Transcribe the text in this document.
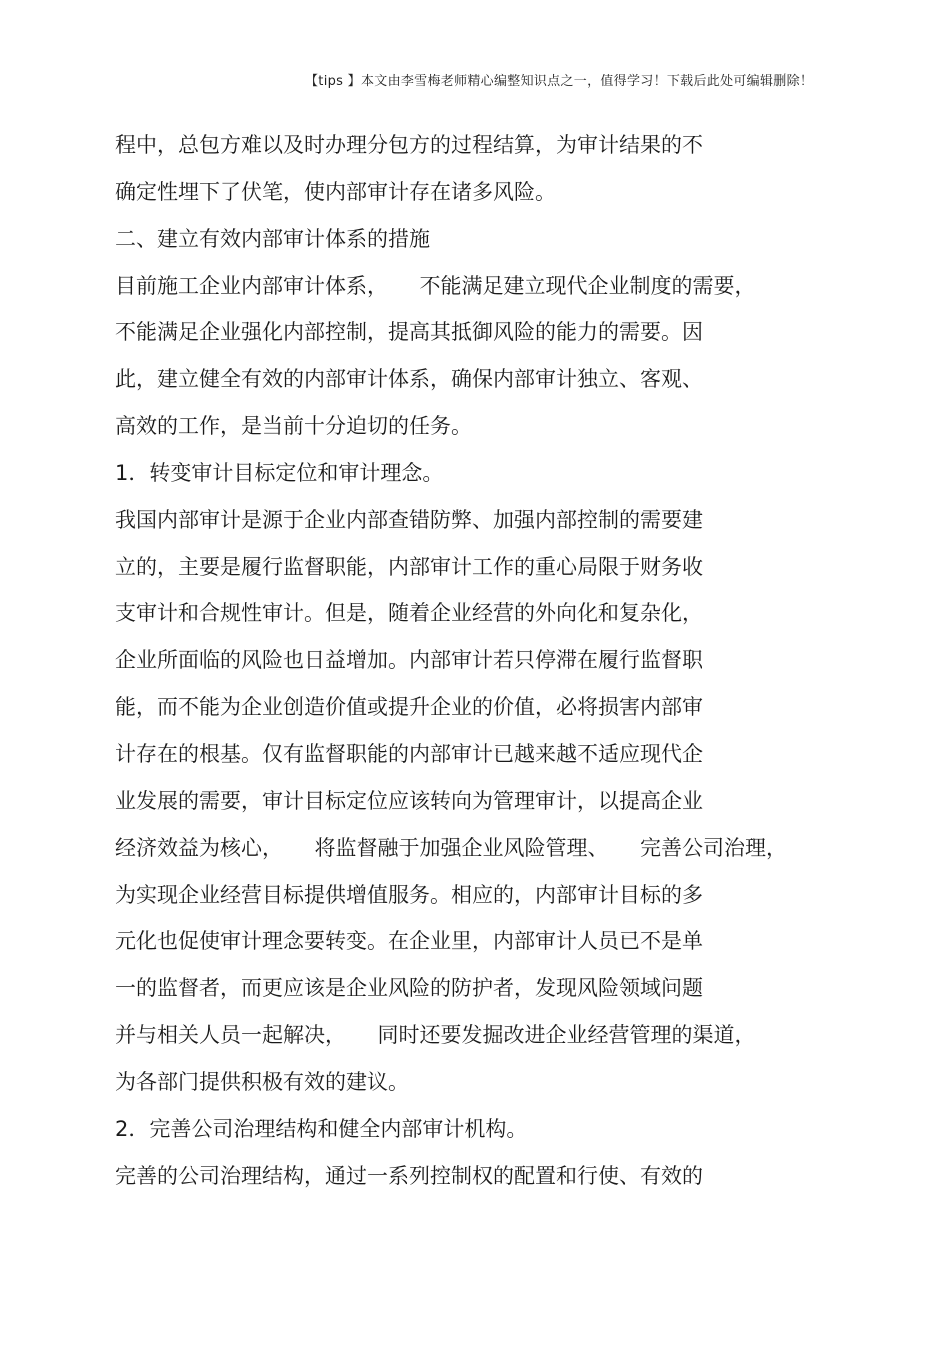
【tips 】本文由李雪梅老师精心编整知识点之一，值得学习！下载后此处可编辑删除！
程中，总包方难以及时办理分包方的过程结算，为审计结果的不
确定性埋下了伏笔，使内部审计存在诸多风险。
二、建立有效内部审计体系的措施
目前施工企业内部审计体系，　　不能满足建立现代企业制度的需要，
不能满足企业强化内部控制，提高其抵御风险的能力的需要。因
此，建立健全有效的内部审计体系，确保内部审计独立、客观、
高效的工作，是当前十分迫切的任务。
1．转变审计目标定位和审计理念。
我国内部审计是源于企业内部查错防弊、加强内部控制的需要建
立的，主要是履行监督职能，内部审计工作的重心局限于财务收
支审计和合规性审计。但是，随着企业经营的外向化和复杂化，
企业所面临的风险也日益增加。内部审计若只停滞在履行监督职
能，而不能为企业创造价值或提升企业的价值，必将损害内部审
计存在的根基。仅有监督职能的内部审计已越来越不适应现代企
业发展的需要，审计目标定位应该转向为管理审计，以提高企业
经济效益为核心，　　将监督融于加强企业风险管理、　　完善公司治理，
为实现企业经营目标提供增值服务。相应的，内部审计目标的多
元化也促使审计理念要转变。在企业里，内部审计人员已不是单
一的监督者，而更应该是企业风险的防护者，发现风险领域问题
并与相关人员一起解决，　　同时还要发掘改进企业经营管理的渠道，
为各部门提供积极有效的建议。
2．完善公司治理结构和健全内部审计机构。
完善的公司治理结构，通过一系列控制权的配置和行使、有效的
